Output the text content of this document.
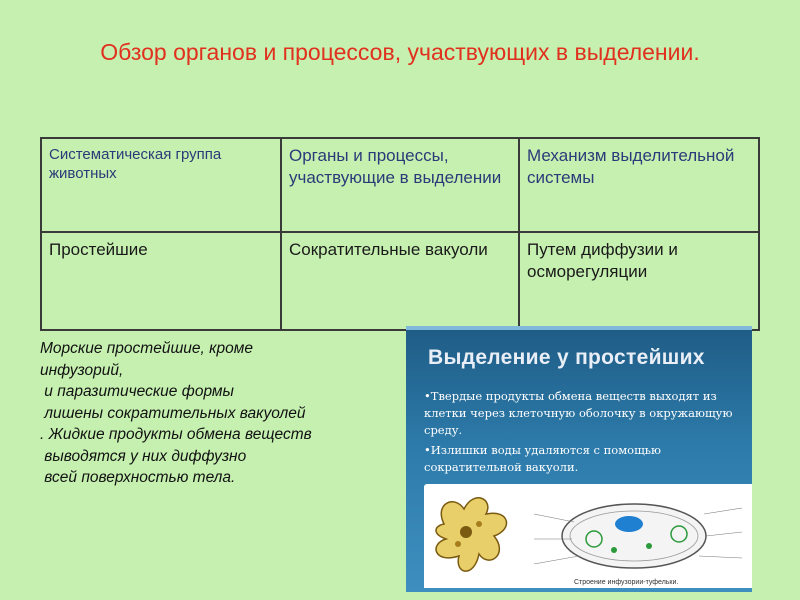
Обзор органов и процессов, участвующих в выделении.
Систематическая группа животных	Органы и процессы, участвующие в выделении	Механизм выделительной системы
Простейшие	Сократительные вакуоли	Путем диффузии и осморегуляции
Морские простейшие, кроме
инфузорий,
и паразитические формы
лишены сократительных вакуолей
. Жидкие продукты обмена веществ
выводятся у них диффузно
всей поверхностью тела.
Выделение у простейших

•Твердые продукты обмена веществ выходят из клетки через клеточную оболочку в окружающую среду.

•Излишки воды удаляются с помощью сократительной вакуоли.

Строение инфузории-туфельки.
